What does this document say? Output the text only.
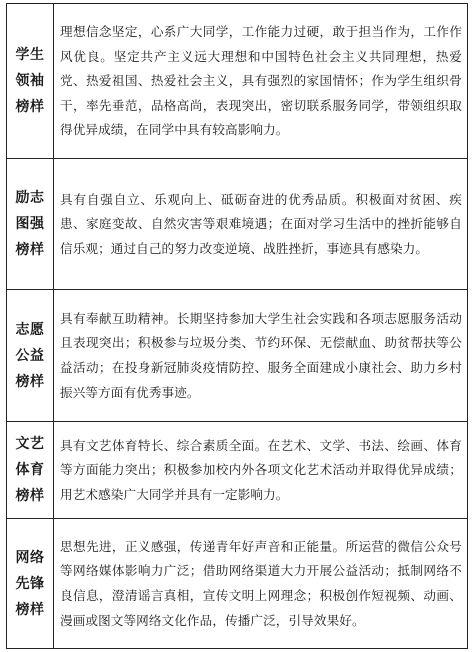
学生
领袖
榜样	理想信念坚定，心系广大同学，工作能力过硬，敢于担当作为，工作作风优良。坚定共产主义远大理想和中国特色社会主义共同理想，热爱党、热爱祖国、热爱社会主义，具有强烈的家国情怀；作为学生组织骨干，率先垂范，品格高尚，表现突出，密切联系服务同学，带领组织取得优异成绩，在同学中具有较高影响力。

励志
图强
榜样	具有自强自立、乐观向上、砥砺奋进的优秀品质。积极面对贫困、疾患、家庭变故、自然灾害等艰难境遇；在面对学习生活中的挫折能够自信乐观；通过自己的努力改变逆境、战胜挫折，事迹具有感染力。

志愿
公益
榜样	具有奉献互助精神。长期坚持参加大学生社会实践和各项志愿服务活动且表现突出；积极参与垃圾分类、节约环保、无偿献血、助贫帮扶等公益活动；在投身新冠肺炎疫情防控、服务全面建成小康社会、助力乡村振兴等方面有优秀事迹。

文艺
体育
榜样	具有文艺体育特长、综合素质全面。在艺术、文学、书法、绘画、体育等方面能力突出；积极参加校内外各项文化艺术活动并取得优异成绩；用艺术感染广大同学并具有一定影响力。

网络
先锋
榜样	思想先进，正义感强，传递青年好声音和正能量。所运营的微信公众号等网络媒体影响力广泛；借助网络渠道大力开展公益活动；抵制网络不良信息，澄清谣言真相，宣传文明上网理念；积极创作短视频、动画、漫画或图文等网络文化作品，传播广泛，引导效果好。
